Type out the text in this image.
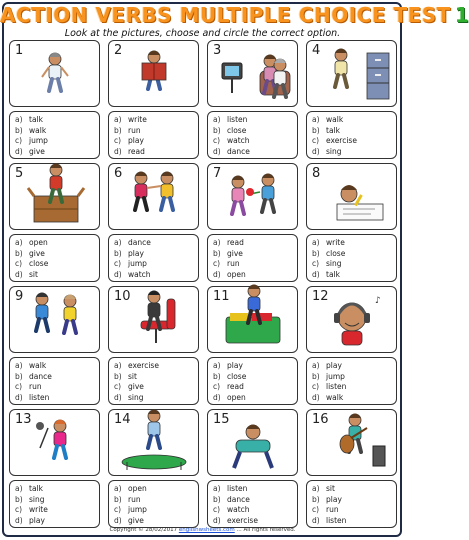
ACTION VERBS MULTIPLE CHOICE TEST 1
Look at the pictures, choose and circle the correct option.
1
a) talk
b) walk
c) jump
d) give
2
a) write
b) run
c) play
d) read
3
a) listen
b) close
c) watch
d) dance
4
a) walk
b) talk
c) exercise
d) sing
5
a) open
b) give
c) close
d) sit
6
a) dance
b) play
c) jump
d) watch
7
a) read
b) give
c) run
d) open
8
a) write
b) close
c) sing
d) talk
9
a) walk
b) dance
c) run
d) listen
10
a) exercise
b) sit
c) give
d) sing
11
a) play
b) close
c) read
d) open
♪
12
a) play
b) jump
c) listen
d) walk
13
a) talk
b) sing
c) write
d) play
14
a) open
b) run
c) jump
d) give
15
a) listen
b) dance
c) watch
d) exercise
16
a) sit
b) play
c) run
d) listen
Copyright © 28/02/2017 englishwsheets.com ... All rights reserved.
